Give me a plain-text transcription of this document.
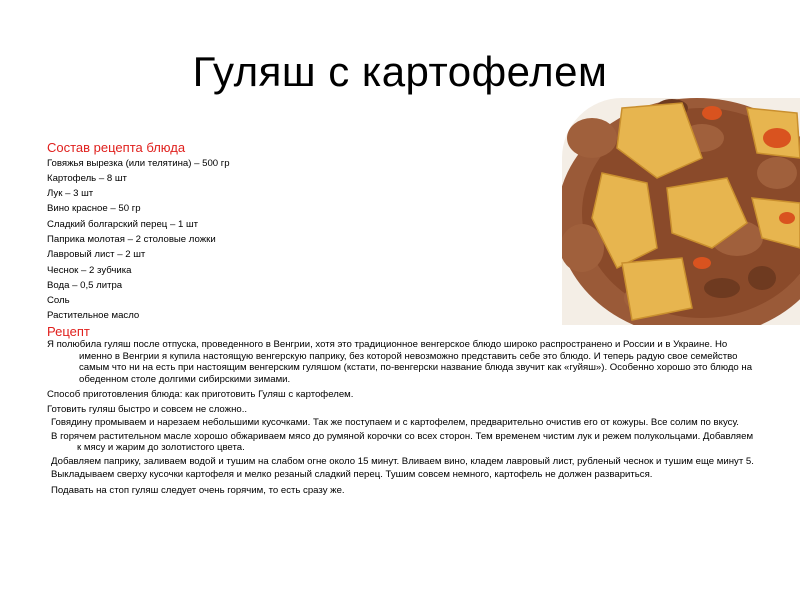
Гуляш с картофелем
Состав рецепта блюда
Говяжья вырезка (или телятина) – 500 гр
Картофель – 8 шт
Лук – 3 шт
Вино красное – 50 гр
Сладкий болгарский перец – 1 шт
Паприка молотая – 2 столовые ложки
Лавровый лист – 2 шт
Чеснок – 2 зубчика
Вода – 0,5 литра
Соль
Растительное масло
Рецепт
Я полюбила гуляш после отпуска, проведенного в Венгрии, хотя это традиционное венгерское блюдо широко распространено и России и в Украине. Но именно в Венгрии я купила настоящую венгерскую паприку, без которой невозможно представить себе это блюдо. И теперь радую свое семейство самым что ни на есть при настоящим венгерским гуляшом (кстати, по-венгерски название блюда звучит как «гуйяш»). Особенно хорошо это блюдо на обеденном столе долгими сибирскими зимами.
Способ приготовления блюда: как приготовить Гуляш с картофелем.
Готовить гуляш быстро и совсем не сложно..
Говядину промываем и нарезаем небольшими кусочками. Так же поступаем и с картофелем, предварительно очистив его от кожуры. Все солим по вкусу.
В горячем растительном масле хорошо обжариваем мясо до румяной корочки со всех сторон. Тем временем чистим лук и режем полукольцами. Добавляем к мясу и жарим до золотистого цвета.
Добавляем паприку, заливаем водой и тушим на слабом огне около 15 минут. Вливаем вино, кладем лавровый лист, рубленый чеснок и тушим еще минут 5.
Выкладываем сверху кусочки картофеля и мелко резаный сладкий перец. Тушим совсем немного, картофель не должен развариться.
Подавать на стоп гуляш следует очень горячим, то есть сразу же.
